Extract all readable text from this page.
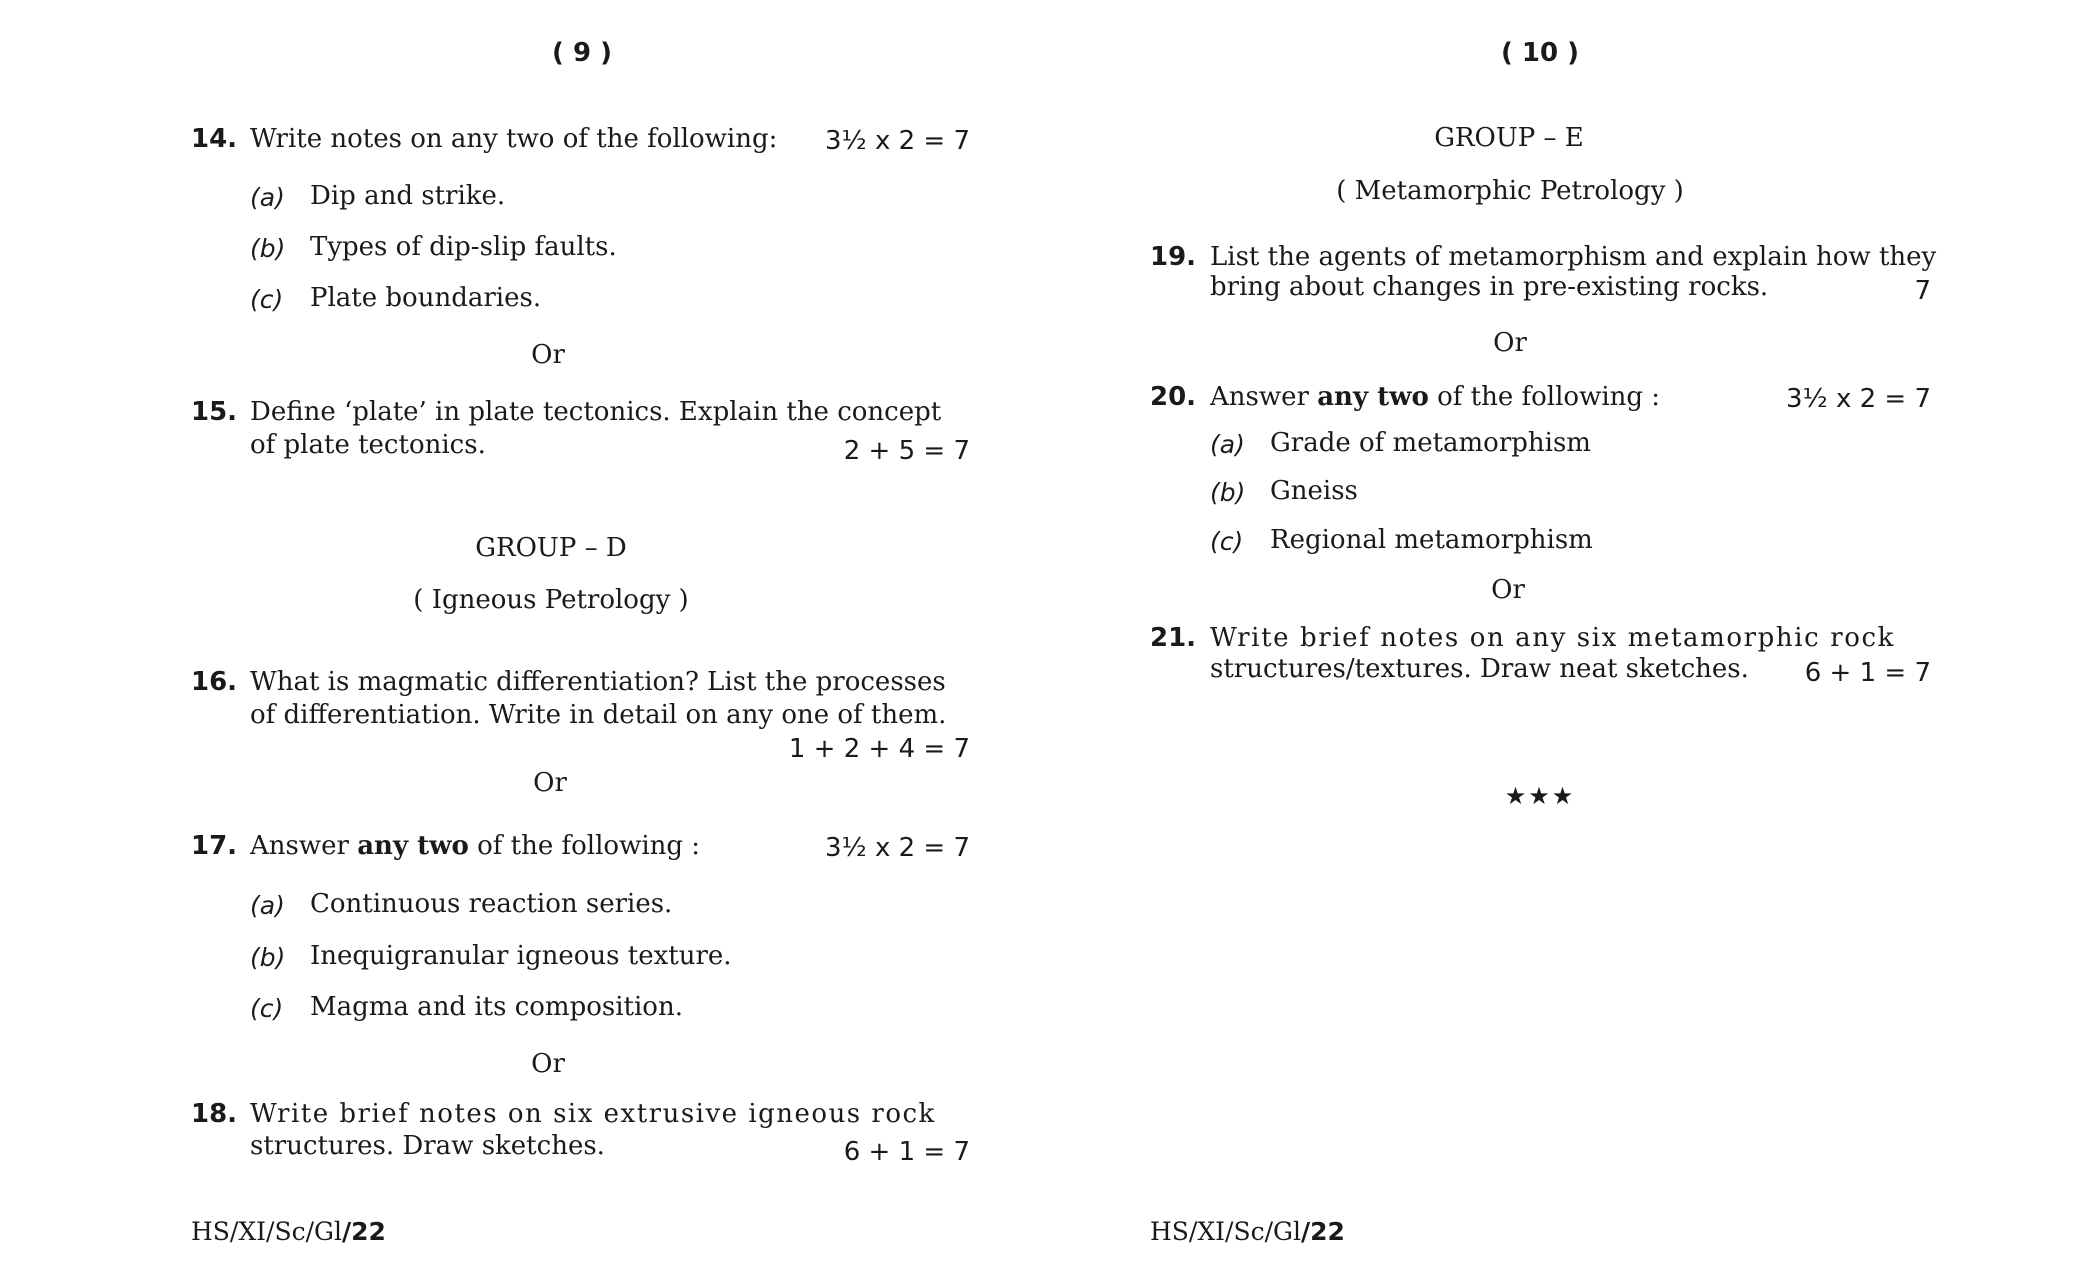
( 9 )
14. Write notes on any two of the following: 3½ x 2 = 7
(a) Dip and strike.
(b) Types of dip-slip faults.
(c) Plate boundaries.
Or
15. Define ‘plate’ in plate tectonics. Explain the concept
of plate tectonics.	2 + 5 = 7
GROUP – D
( Igneous Petrology )
16. What is magmatic differentiation? List the processes
of differentiation. Write in detail on any one of them.
1 + 2 + 4 = 7
Or
17. Answer any two of the following :	3½ x 2 = 7
(a) Continuous reaction series.
(b) Inequigranular igneous texture.
(c) Magma and its composition.
Or
18. Write brief notes on six extrusive igneous rock
structures. Draw sketches.	6 + 1 = 7
HS/XI/Sc/Gl/22
( 10 )
GROUP – E
( Metamorphic Petrology )
19. List the agents of metamorphism and explain how they
bring about changes in pre-existing rocks.	7
Or
20. Answer any two of the following :	3½ x 2 = 7
(a) Grade of metamorphism
(b) Gneiss
(c) Regional metamorphism
Or
21. Write brief notes on any six metamorphic rock
structures/textures. Draw neat sketches. 6 + 1 = 7
★★★
HS/XI/Sc/Gl/22
